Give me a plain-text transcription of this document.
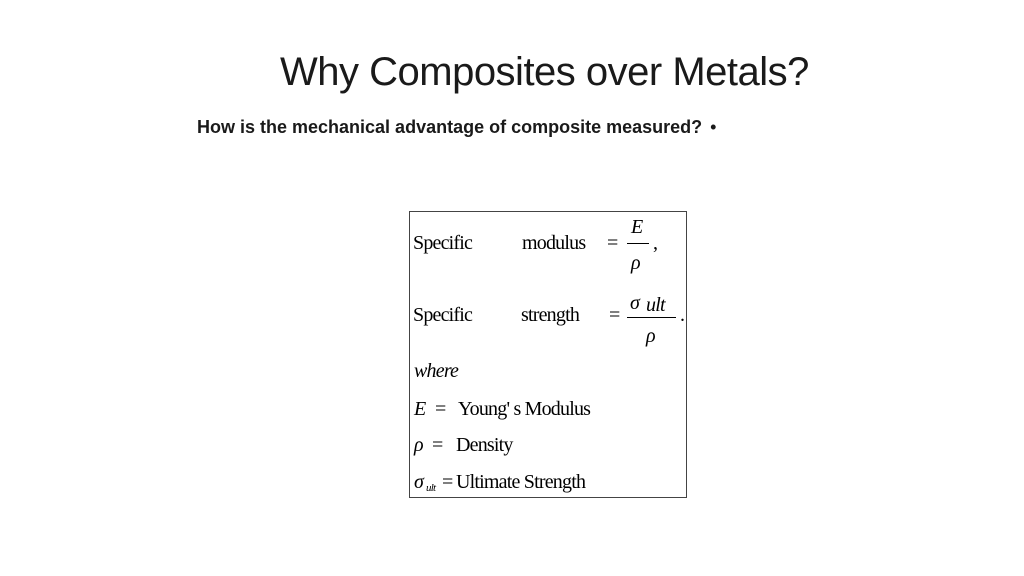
Why Composites over Metals?
How is the mechanical advantage of composite measured? •
Specific modulus =
E
ρ
,
Specific strength =
σ ult
ρ
.
where
E = Young' s Modulus
ρ = Density
σ ult = Ultimate Strength
